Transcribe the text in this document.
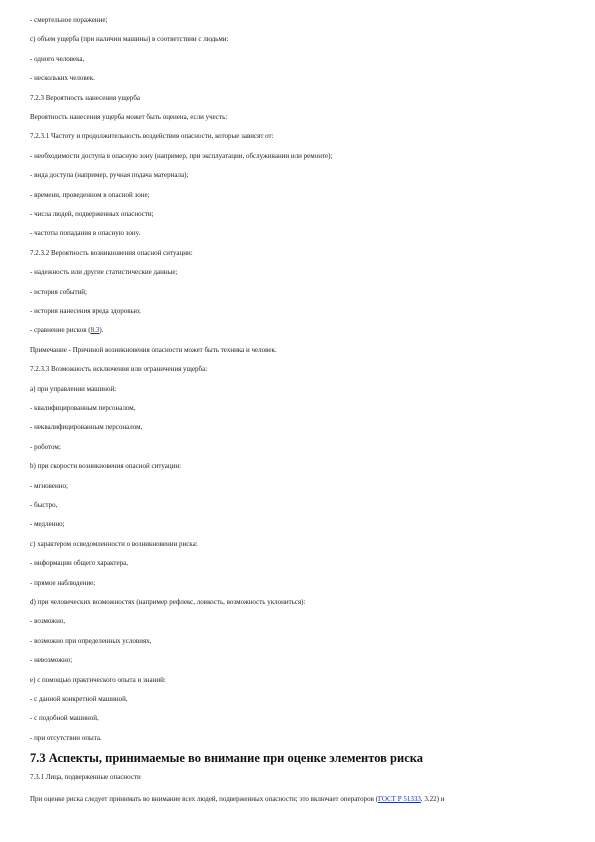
- смертельное поражение;
с) объем ущерба (при наличии машины) в соответствии с людьми:
- одного человека,
- нескольких человек.
7.2.3 Вероятность нанесения ущерба
Вероятность нанесения ущерба может быть оценена, если учесть:
7.2.3.1 Частоту и продолжительность воздействия опасности, которые зависят от:
- необходимости доступа в опасную зону (например, при эксплуатации, обслуживании или ремонте);
- вида доступа (например, ручная подача материала);
- времени, проведенном в опасной зоне;
- числа людей, подверженных опасности;
- частоты попадания в опасную зону.
7.2.3.2 Вероятность возникновения опасной ситуации:
- надежность или другие статистические данные;
- история событий;
- история нанесения вреда здоровью;
- сравнение рисков (8.3).
Примечание - Причиной возникновения опасности может быть техника и человек.
7.2.3.3 Возможность исключения или ограничения ущерба:
а) при управлении машиной:
- квалифицированным персоналом,
- неквалифицированным персоналом,
- роботом;
b) при скорости возникновения опасной ситуации:
- мгновенно;
- быстро,
- медленно;
с) характером осведомленности о возникновении риска:
- информации общего характера,
- прямое наблюдение;
d) при человеческих возможностях (например рефлекс, ловкость, возможность уклониться):
- возможно,
- возможно при определенных условиях,
- невозможно;
е) с помощью практического опыта и знаний:
- с данной конкретной машиной,
- с подобной машиной,
- при отсутствии опыта.
7.3 Аспекты, принимаемые во внимание при оценке элементов риска
7.3.1 Лица, подверженные опасности
При оценке риска следует принимать во внимание всех людей, подверженных опасности; это включает операторов (ГОСТ Р 51333, 3.22) и
